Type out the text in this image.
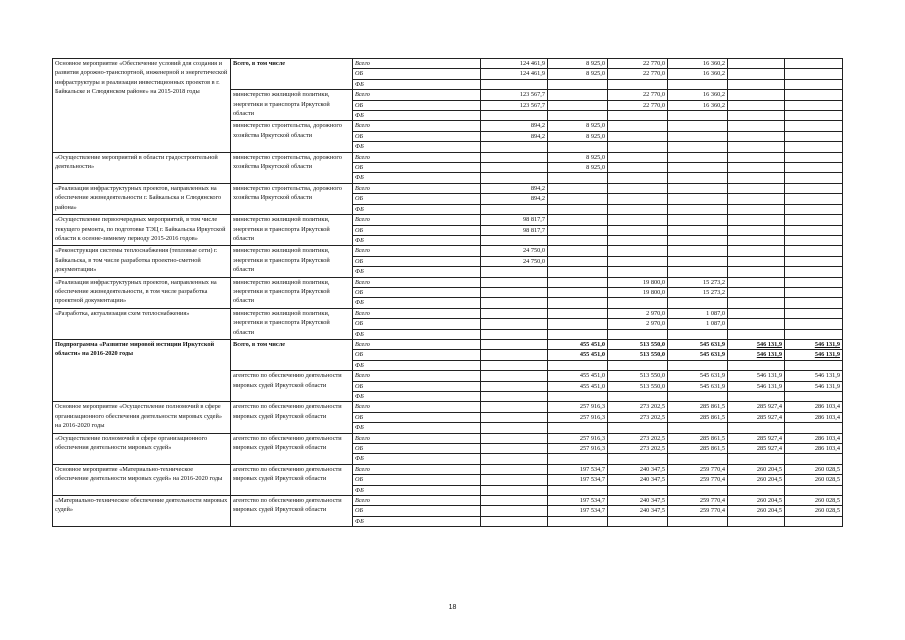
Основное мероприятие «Обеспечение условий для создания и развития дорожно-транспортной, инженерной и энергетической инфраструктуры и реализации инвестиционных проектов в г. Байкальске и Слюдянском районе» на 2015-2018 годы	Всего, в том числе	Всего	124 461,9	8 925,0	22 770,0	16 360,2		
		ОБ	124 461,9	8 925,0	22 770,0	16 360,2		
		ФБ						
	министерство жилищной политики, энергетики и транспорта Иркутской области	Всего	123 567,7		22 770,0	16 360,2		
		ОБ	123 567,7		22 770,0	16 360,2		
		ФБ						
	министерство строительства, дорожного хозяйства Иркутской области	Всего	894,2	8 925,0				
		ОБ	894,2	8 925,0				
		ФБ						
«Осуществление мероприятий в области градостроительной деятельности»	министерство строительства, дорожного хозяйства Иркутской области	Всего		8 925,0				
		ОБ		8 925,0				
		ФБ						
«Реализация инфраструктурных проектов, направленных на обеспечение жизнедеятельности г. Байкальска и Слюдянского района»	министерство строительства, дорожного хозяйства Иркутской области	Всего	894,2					
		ОБ	894,2					
		ФБ						
«Осуществление первоочередных мероприятий, в том числе текущего ремонта, по подготовке ТЭЦ г. Байкальска Иркутской области к осенне-зимнему периоду 2015-2016 годов»	министерство жилищной политики, энергетики и транспорта Иркутской области	Всего	98 817,7					
		ОБ	98 817,7					
		ФБ						
«Реконструкция системы теплоснабжения (тепловые сети) г. Байкальска, в том числе разработка проектно-сметной документации»	министерство жилищной политики, энергетики и транспорта Иркутской области	Всего	24 750,0					
		ОБ	24 750,0					
		ФБ						
«Реализация инфраструктурных проектов, направленных на обеспечение жизнедеятельности, в том числе разработка проектной документации»	министерство жилищной политики, энергетики и транспорта Иркутской области	Всего			19 800,0	15 273,2		
		ОБ			19 800,0	15 273,2		
		ФБ						
«Разработка, актуализация схем теплоснабжения»	министерство жилищной политики, энергетики и транспорта Иркутской области	Всего			2 970,0	1 087,0		
		ОБ			2 970,0	1 087,0		
		ФБ						
Подпрограмма «Развитие мировой юстиции Иркутской области» на 2016-2020 годы	Всего, в том числе	Всего		455 451,0	513 550,0	545 631,9	546 131,9	546 131,9
		ОБ		455 451,0	513 550,0	545 631,9	546 131,9	546 131,9
		ФБ						
	агентство по обеспечению деятельности мировых судей Иркутской области	Всего		455 451,0	513 550,0	545 631,9	546 131,9	546 131,9
		ОБ		455 451,0	513 550,0	545 631,9	546 131,9	546 131,9
		ФБ						
Основное мероприятие «Осуществление полномочий в сфере организационного обеспечения деятельности мировых судей» на 2016-2020 годы	агентство по обеспечению деятельности мировых судей Иркутской области	Всего		257 916,3	273 202,5	285 861,5	285 927,4	286 103,4
		ОБ		257 916,3	273 202,5	285 861,5	285 927,4	286 103,4
		ФБ						
«Осуществление полномочий в сфере организационного обеспечения деятельности мировых судей»	агентство по обеспечению деятельности мировых судей Иркутской области	Всего		257 916,3	273 202,5	285 861,5	285 927,4	286 103,4
		ОБ		257 916,3	273 202,5	285 861,5	285 927,4	286 103,4
		ФБ						
Основное мероприятие «Материально-техническое обеспечение деятельности мировых судей» на 2016-2020 годы	агентство по обеспечению деятельности мировых судей Иркутской области	Всего		197 534,7	240 347,5	259 770,4	260 204,5	260 028,5
		ОБ		197 534,7	240 347,5	259 770,4	260 204,5	260 028,5
		ФБ						
«Материально-техническое обеспечение деятельности мировых судей»	агентство по обеспечению деятельности мировых судей Иркутской области	Всего		197 534,7	240 347,5	259 770,4	260 204,5	260 028,5
		ОБ		197 534,7	240 347,5	259 770,4	260 204,5	260 028,5
		ФБ						
18
